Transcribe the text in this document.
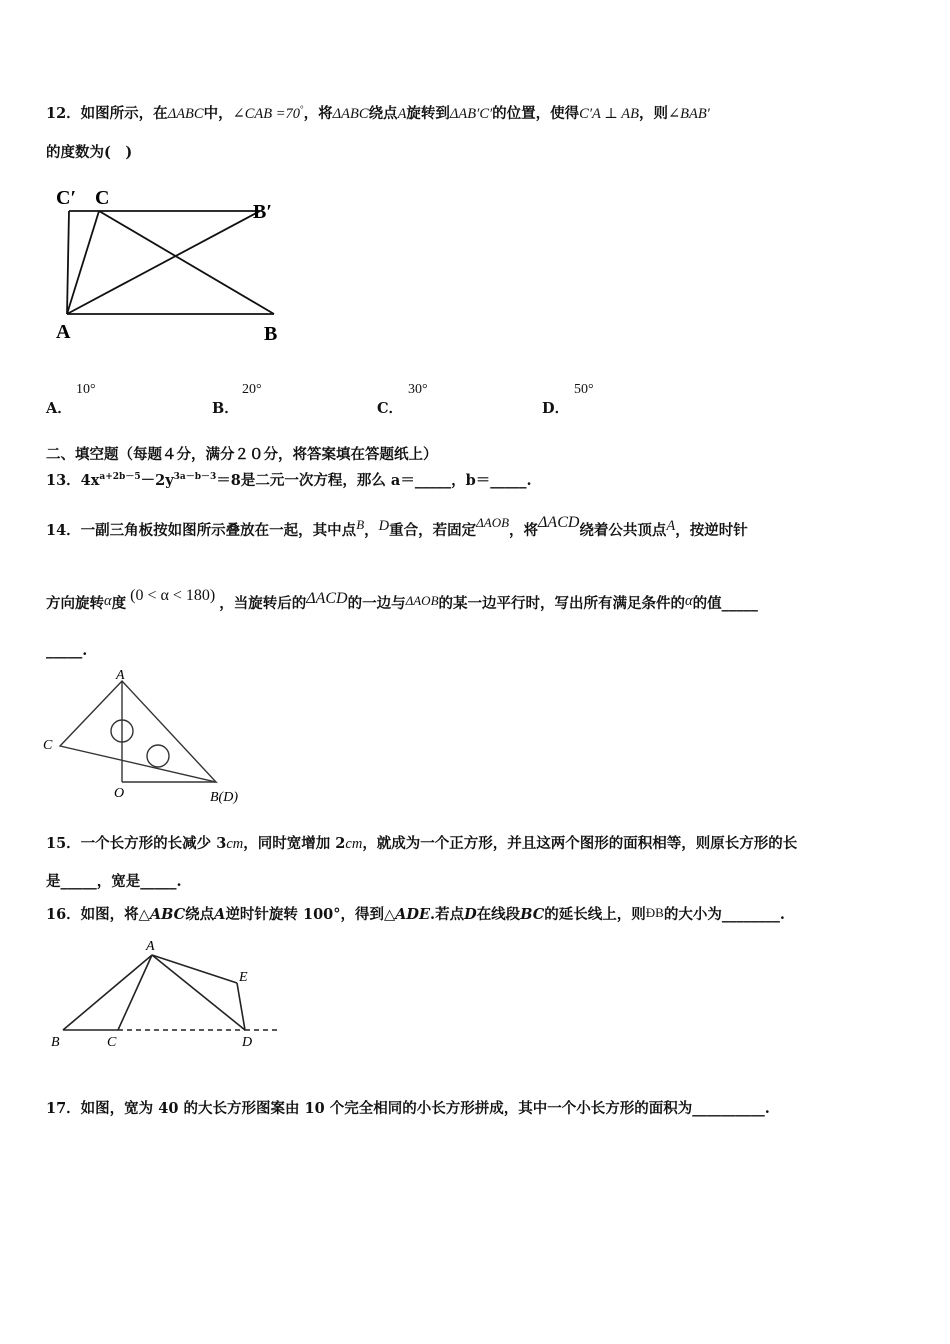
12．如图所示，在ΔABC中，∠CAB =70°，将ΔABC绕点A旋转到ΔAB′C′的位置，使得C′A ⊥ AB，则∠BAB′
的度数为(　)
C′ C
B′
A	B
A．
10°
B．
20°
C．
30°
D．
50°
二、填空题（每题４分，满分２０分，将答案填在答题纸上）
13．$4x^{a+2b-5}-2y^{3a-b-3}=8$是二元一次方程，那么 a＝_____，b＝_____.
14．一副三角板按如图所示叠放在一起，其中点B，D重合，若固定ΔAOB，将ΔACD绕着公共顶点A，按逆时针
方向旋转α度 (0 < α < 180) ，当旋转后的ΔACD的一边与ΔAOB的某一边平行时，写出所有满足条件的α的值_____
_____.
A
C
O	B(D)
15．一个长方形的长减少 3cm，同时宽增加 2cm，就成为一个正方形，并且这两个图形的面积相等，则原长方形的长
是_____，宽是_____.
16．如图，将△ABC绕点A逆时针旋转 100°，得到△ADE.若点D在线段BC的延长线上，则ÐB的大小为________.
A
E
B	C	D
17．如图，宽为 40 的大长方形图案由 10 个完全相同的小长方形拼成，其中一个小长方形的面积为__________.
